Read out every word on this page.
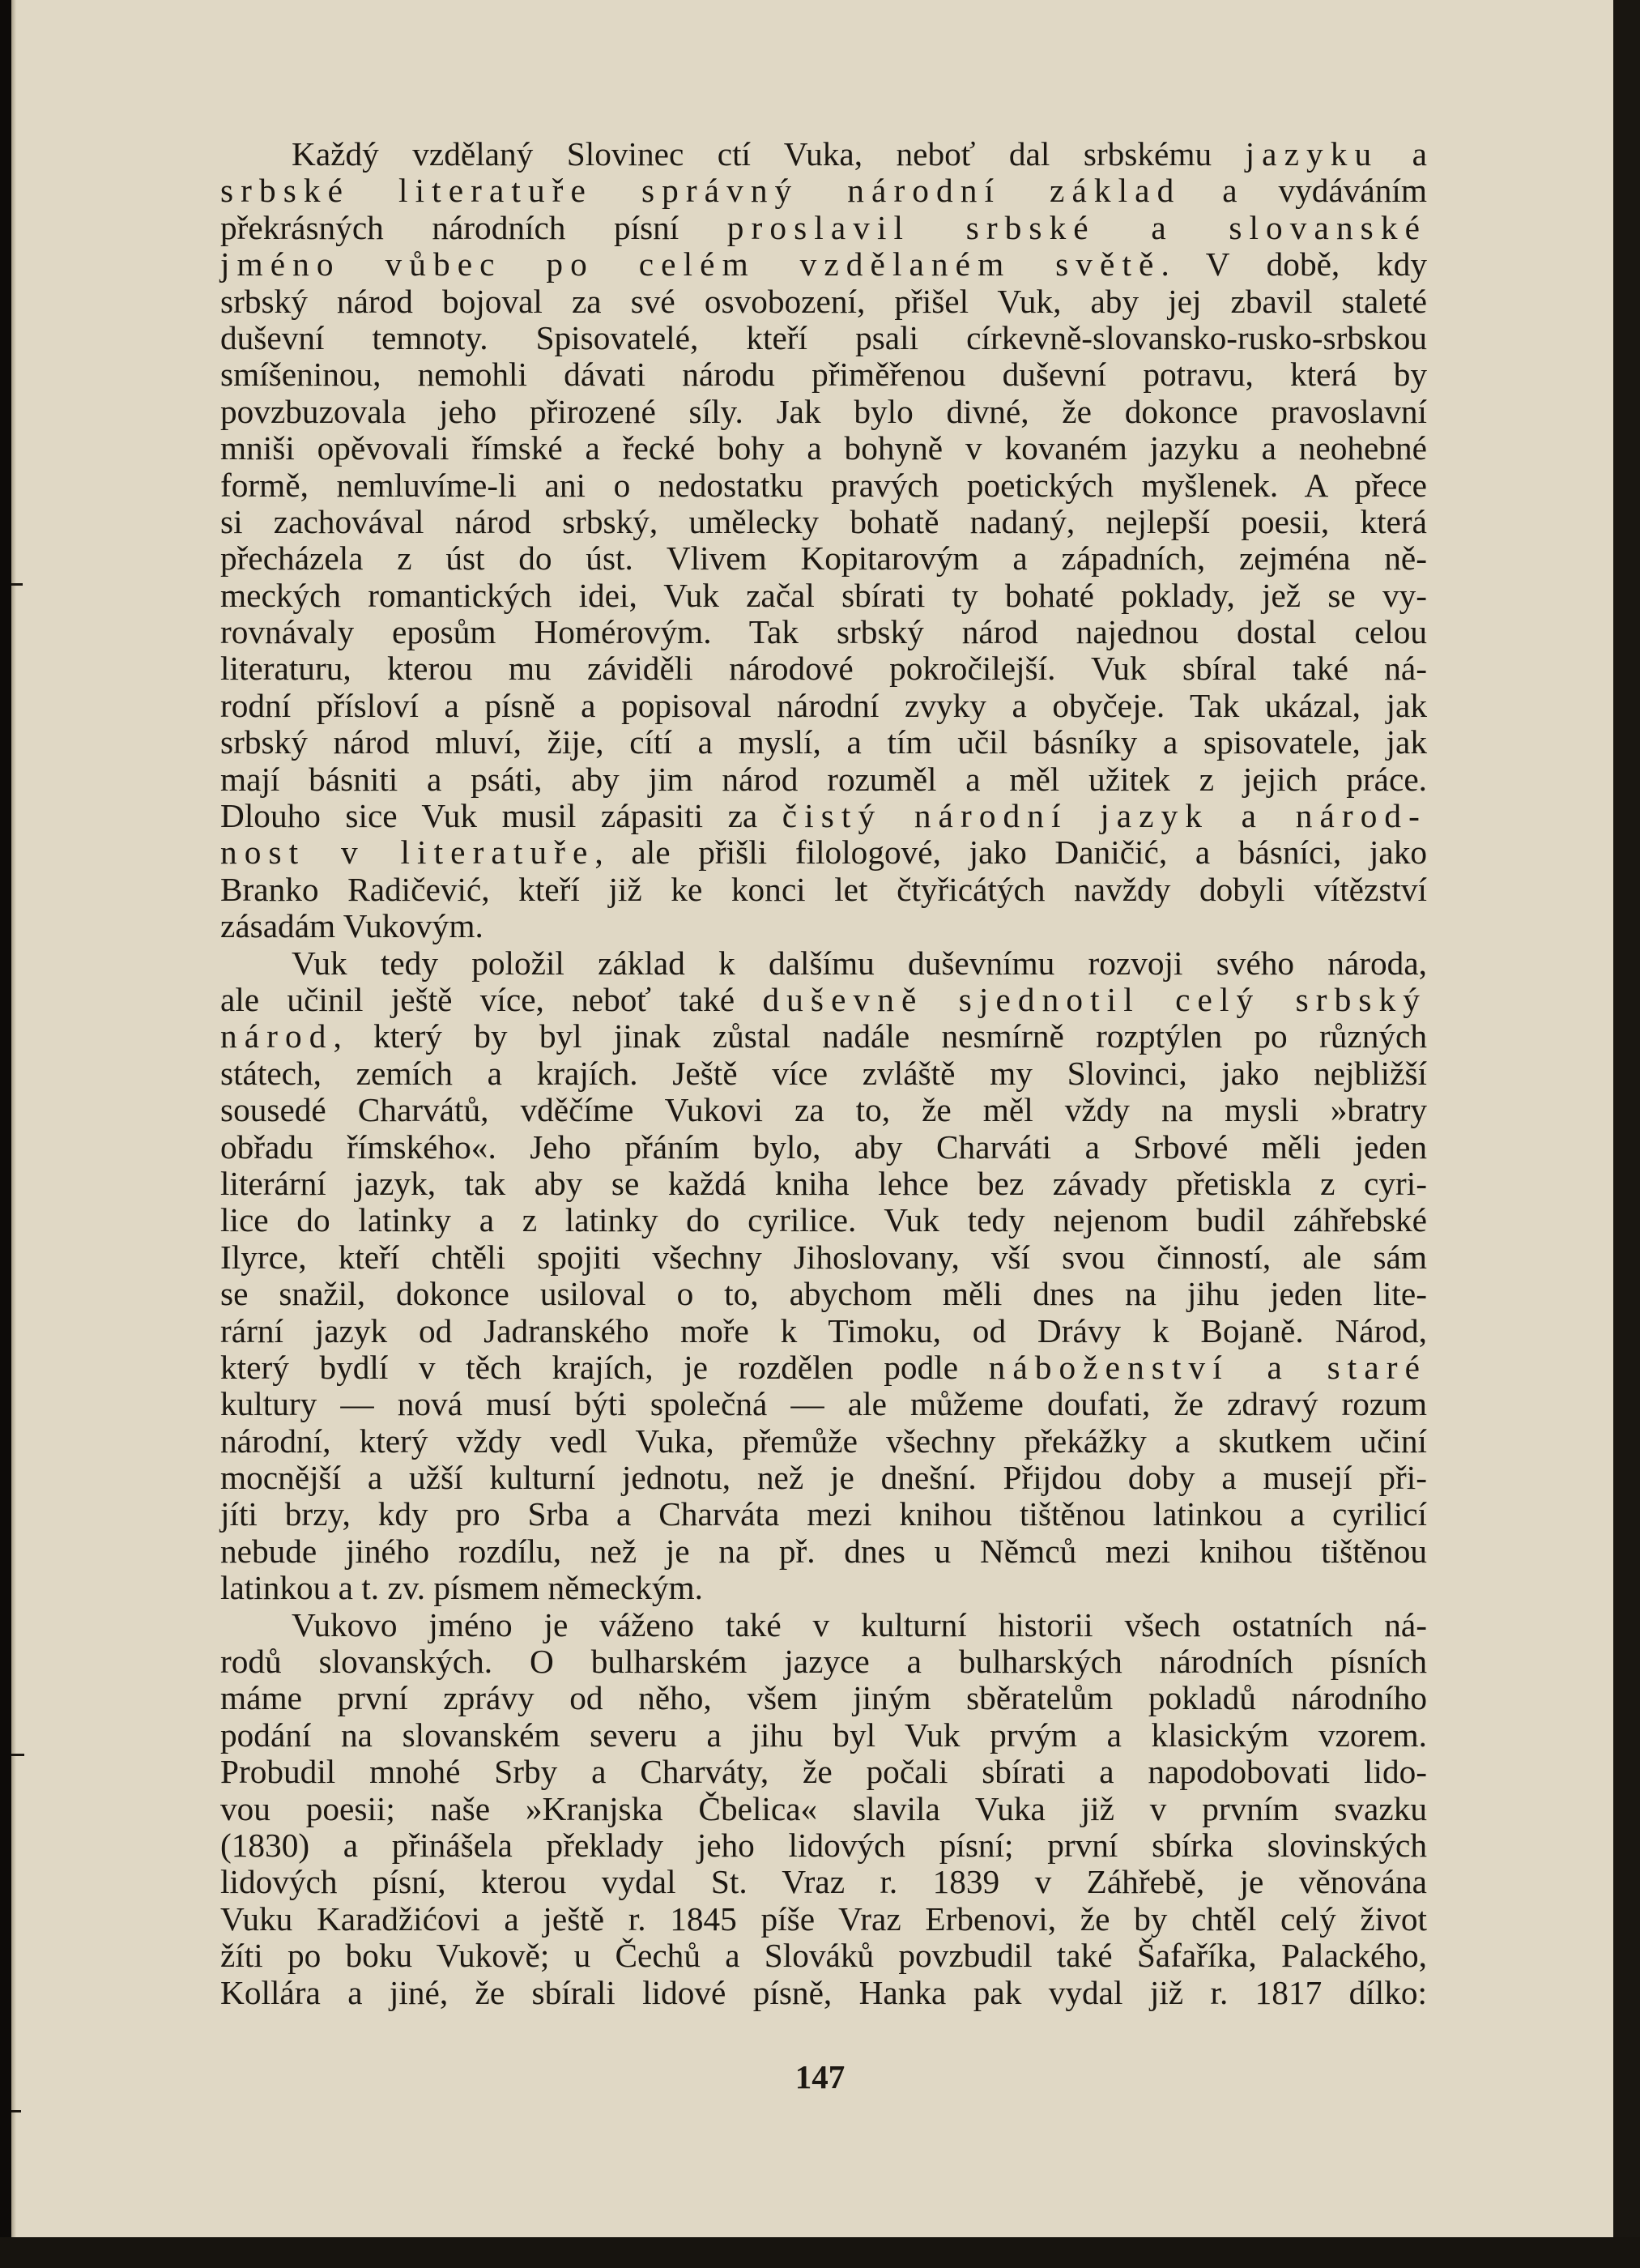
Každý vzdělaný Slovinec ctí Vuka, neboť dal srbskému jazyku a
srbské literatuře správný národní základ a vydáváním
překrásných národních písní proslavil srbské a slovanské
jméno vůbec po celém vzdělaném světě. V době, kdy
srbský národ bojoval za své osvobození, přišel Vuk, aby jej zbavil staleté
duševní temnoty. Spisovatelé, kteří psali církevně-slovansko-rusko-srbskou
smíšeninou, nemohli dávati národu přiměřenou duševní potravu, která by
povzbuzovala jeho přirozené síly. Jak bylo divné, že dokonce pravoslavní
mniši opěvovali římské a řecké bohy a bohyně v kovaném jazyku a neohebné
formě, nemluvíme-li ani o nedostatku pravých poetických myšlenek. A přece
si zachovával národ srbský, umělecky bohatě nadaný, nejlepší poesii, která
přecházela z úst do úst. Vlivem Kopitarovým a západních, zejména ně-
meckých romantických idei, Vuk začal sbírati ty bohaté poklady, jež se vy-
rovnávaly eposům Homérovým. Tak srbský národ najednou dostal celou
literaturu, kterou mu záviděli národové pokročilejší. Vuk sbíral také ná-
rodní přísloví a písně a popisoval národní zvyky a obyčeje. Tak ukázal, jak
srbský národ mluví, žije, cítí a myslí, a tím učil básníky a spisovatele, jak
mají básniti a psáti, aby jim národ rozuměl a měl užitek z jejich práce.
Dlouho sice Vuk musil zápasiti za čistý národní jazyk a národ-
nost v literatuře, ale přišli filologové, jako Daničić, a básníci, jako
Branko Radičević, kteří již ke konci let čtyřicátých navždy dobyli vítězství
zásadám Vukovým.
Vuk tedy položil základ k dalšímu duševnímu rozvoji svého národa,
ale učinil ještě více, neboť také duševně sjednotil celý srbský
národ, který by byl jinak zůstal nadále nesmírně rozptýlen po různých
státech, zemích a krajích. Ještě více zvláště my Slovinci, jako nejbližší
sousedé Charvátů, vděčíme Vukovi za to, že měl vždy na mysli »bratry
obřadu římského«. Jeho přáním bylo, aby Charváti a Srbové měli jeden
literární jazyk, tak aby se každá kniha lehce bez závady přetiskla z cyri-
lice do latinky a z latinky do cyrilice. Vuk tedy nejenom budil záhřebské
Ilyrce, kteří chtěli spojiti všechny Jihoslovany, vší svou činností, ale sám
se snažil, dokonce usiloval o to, abychom měli dnes na jihu jeden lite-
rární jazyk od Jadranského moře k Timoku, od Drávy k Bojaně. Národ,
který bydlí v těch krajích, je rozdělen podle náboženství a staré
kultury — nová musí býti společná — ale můžeme doufati, že zdravý rozum
národní, který vždy vedl Vuka, přemůže všechny překážky a skutkem učiní
mocnější a užší kulturní jednotu, než je dnešní. Přijdou doby a musejí při-
jíti brzy, kdy pro Srba a Charváta mezi knihou tištěnou latinkou a cyrilicí
nebude jiného rozdílu, než je na př. dnes u Němců mezi knihou tištěnou
latinkou a t. zv. písmem německým.
Vukovo jméno je váženo také v kulturní historii všech ostatních ná-
rodů slovanských. O bulharském jazyce a bulharských národních písních
máme první zprávy od něho, všem jiným sběratelům pokladů národního
podání na slovanském severu a jihu byl Vuk prvým a klasickým vzorem.
Probudil mnohé Srby a Charváty, že počali sbírati a napodobovati lido-
vou poesii; naše »Kranjska Čbelica« slavila Vuka již v prvním svazku
(1830) a přinášela překlady jeho lidových písní; první sbírka slovinských
lidových písní, kterou vydal St. Vraz r. 1839 v Záhřebě, je věnována
Vuku Karadžićovi a ještě r. 1845 píše Vraz Erbenovi, že by chtěl celý život
žíti po boku Vukově; u Čechů a Slováků povzbudil také Šafaříka, Palackého,
Kollára a jiné, že sbírali lidové písně, Hanka pak vydal již r. 1817 dílko:
147
